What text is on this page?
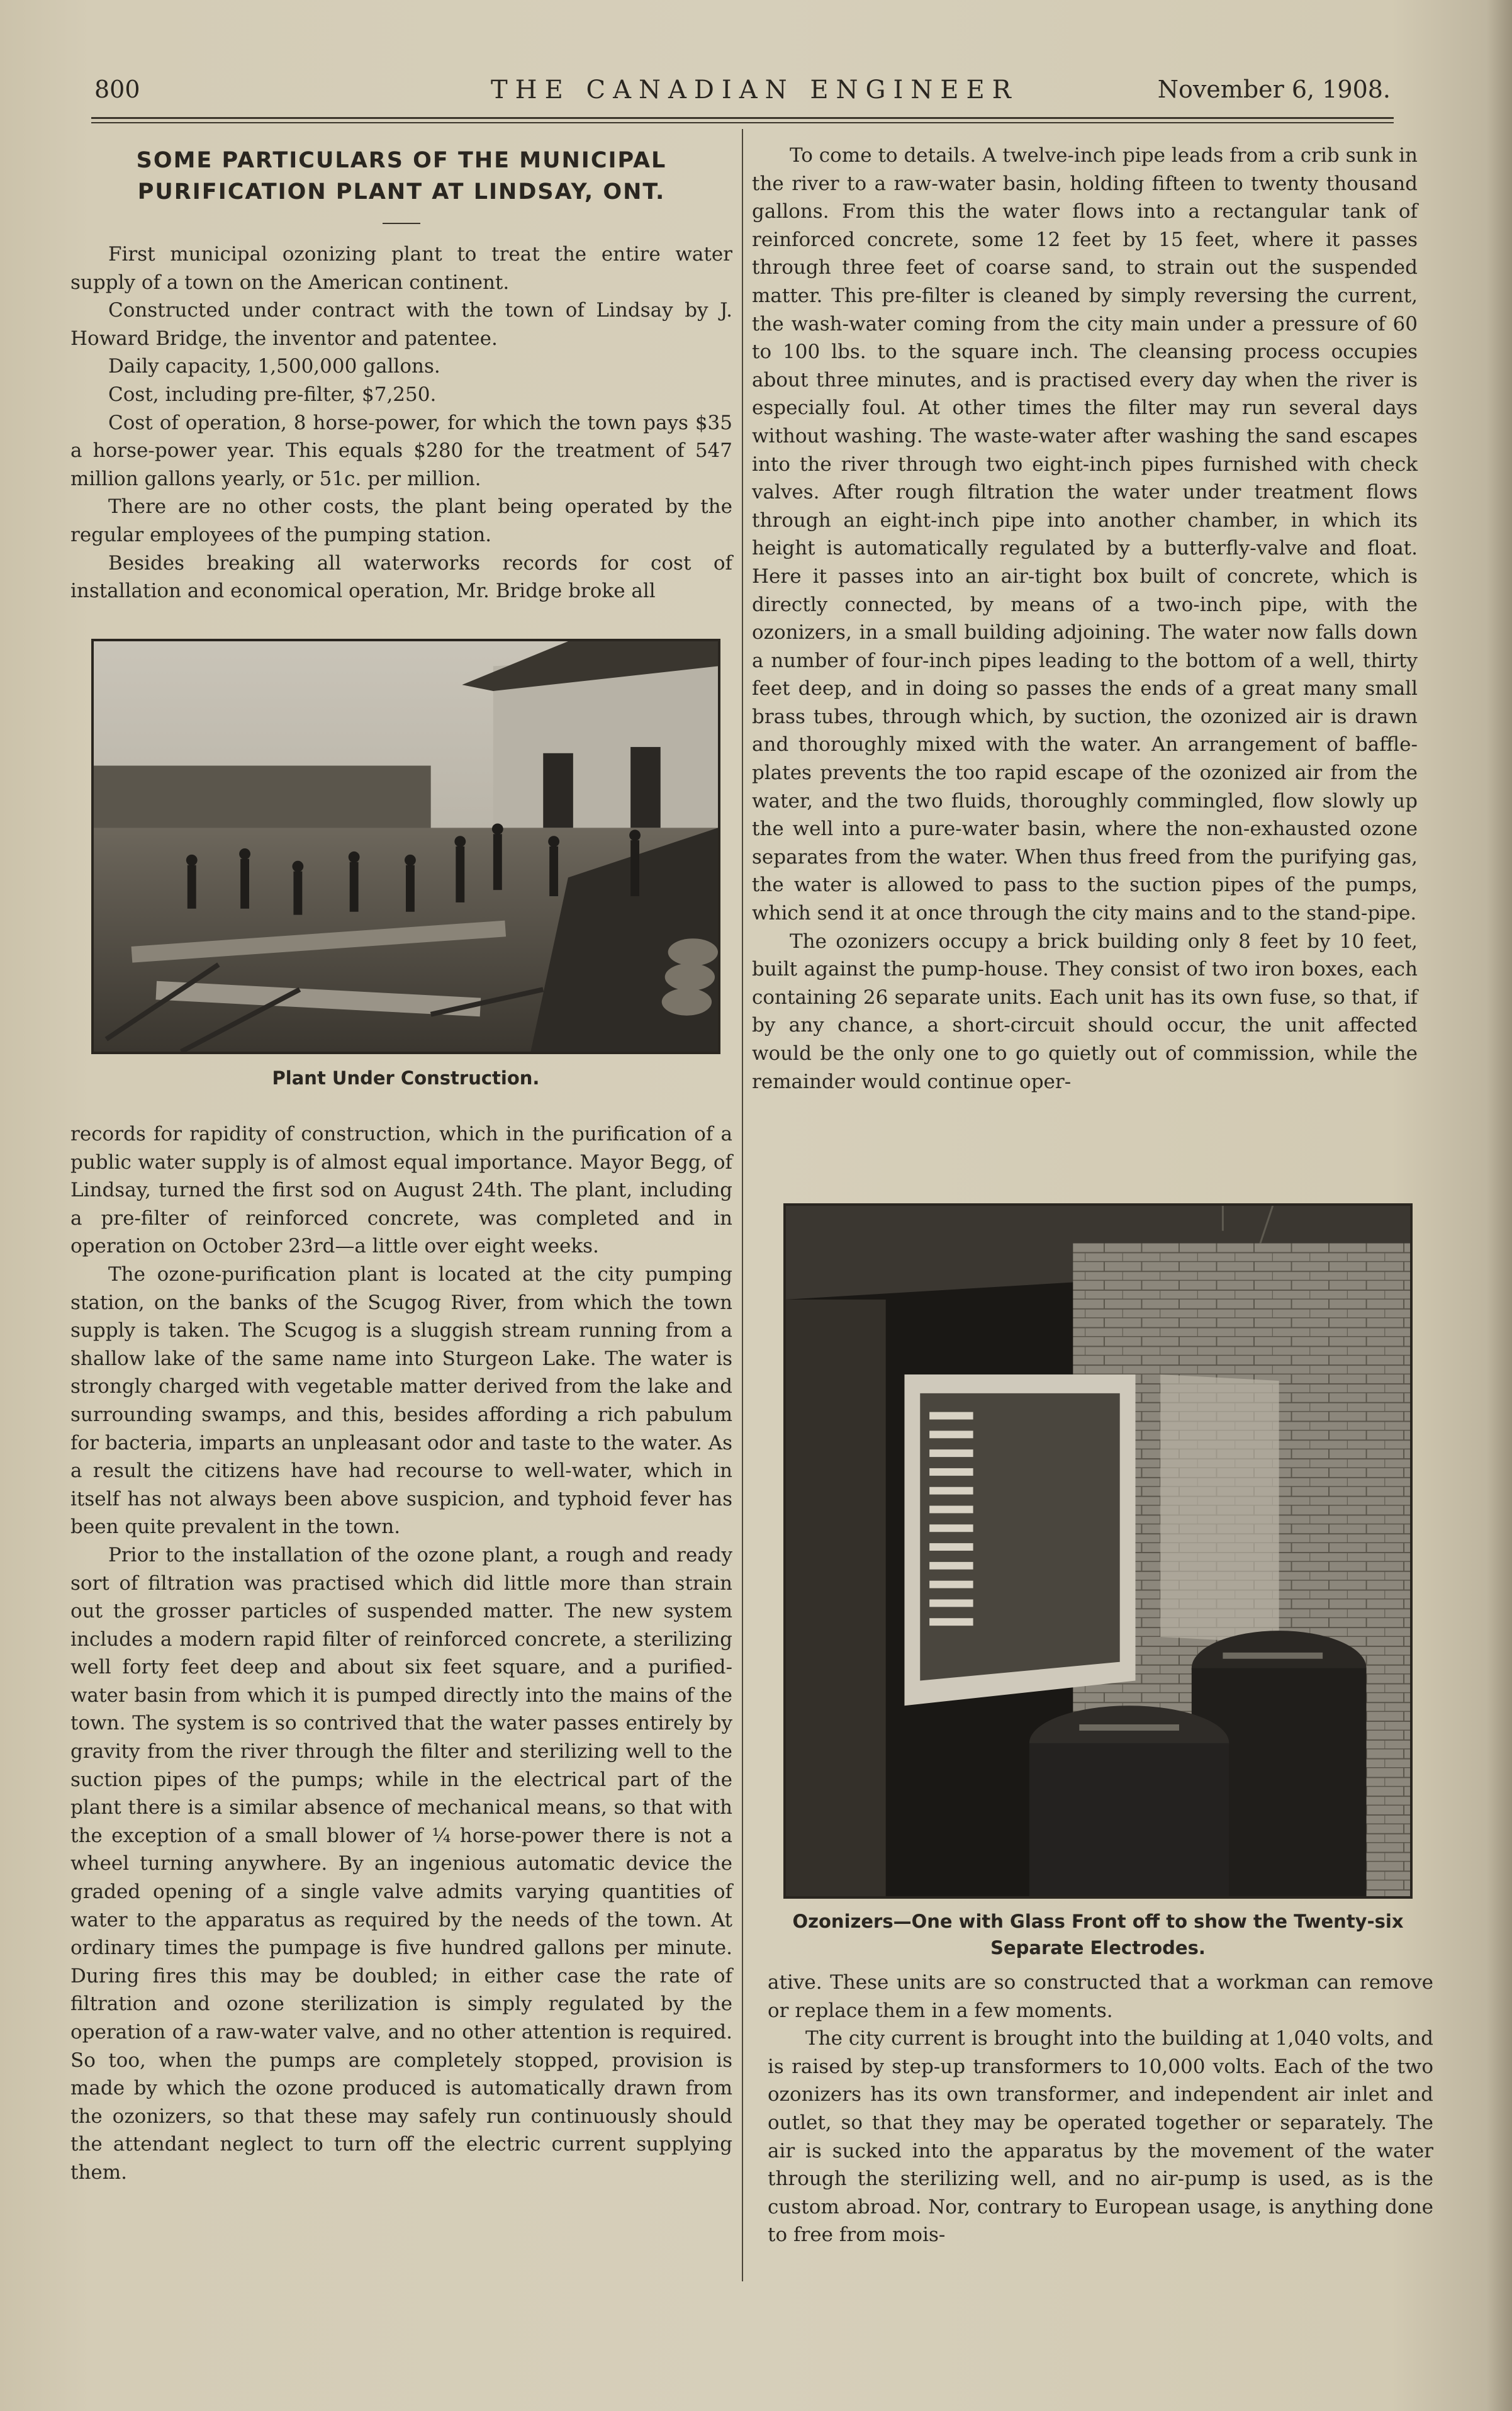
800	THE CANADIAN ENGINEER	November 6, 1908.
SOME PARTICULARS OF THE MUNICIPAL
PURIFICATION PLANT AT LINDSAY, ONT.

First municipal ozonizing plant to treat the entire water supply of a town on the American continent.

Constructed under contract with the town of Lindsay by J. Howard Bridge, the inventor and patentee.

Daily capacity, 1,500,000 gallons.

Cost, including pre-filter, $7,250.

Cost of operation, 8 horse-power, for which the town pays $35 a horse-power year. This equals $280 for the treatment of 547 million gallons yearly, or 51c. per million.

There are no other costs, the plant being operated by the regular employees of the pumping station.

Besides breaking all waterworks records for cost of installation and economical operation, Mr. Bridge broke all

Plant Under Construction.

records for rapidity of construction, which in the purification of a public water supply is of almost equal importance. Mayor Begg, of Lindsay, turned the first sod on August 24th. The plant, including a pre-filter of reinforced concrete, was completed and in operation on October 23rd—a little over eight weeks.

The ozone-purification plant is located at the city pumping station, on the banks of the Scugog River, from which the town supply is taken. The Scugog is a sluggish stream running from a shallow lake of the same name into Sturgeon Lake. The water is strongly charged with vegetable matter derived from the lake and surrounding swamps, and this, besides affording a rich pabulum for bacteria, imparts an unpleasant odor and taste to the water. As a result the citizens have had recourse to well-water, which in itself has not always been above suspicion, and typhoid fever has been quite prevalent in the town.

Prior to the installation of the ozone plant, a rough and ready sort of filtration was practised which did little more than strain out the grosser particles of suspended matter. The new system includes a modern rapid filter of reinforced concrete, a sterilizing well forty feet deep and about six feet square, and a purified-water basin from which it is pumped directly into the mains of the town. The system is so contrived that the water passes entirely by gravity from the river through the filter and sterilizing well to the suction pipes of the pumps; while in the electrical part of the plant there is a similar absence of mechanical means, so that with the exception of a small blower of ¼ horse-power there is not a wheel turning anywhere. By an ingenious automatic device the graded opening of a single valve admits varying quantities of water to the apparatus as required by the needs of the town. At ordinary times the pumpage is five hundred gallons per minute. During fires this may be doubled; in either case the rate of filtration and ozone sterilization is simply regulated by the operation of a raw-water valve, and no other attention is required. So too, when the pumps are completely stopped, provision is made by which the ozone produced is automatically drawn from the ozonizers, so that these may safely run continuously should the attendant neglect to turn off the electric current supplying them.

To come to details. A twelve-inch pipe leads from a crib sunk in the river to a raw-water basin, holding fifteen to twenty thousand gallons. From this the water flows into a rectangular tank of reinforced concrete, some 12 feet by 15 feet, where it passes through three feet of coarse sand, to strain out the suspended matter. This pre-filter is cleaned by simply reversing the current, the wash-water coming from the city main under a pressure of 60 to 100 lbs. to the square inch. The cleansing process occupies about three minutes, and is practised every day when the river is especially foul. At other times the filter may run several days without washing. The waste-water after washing the sand escapes into the river through two eight-inch pipes furnished with check valves. After rough filtration the water under treatment flows through an eight-inch pipe into another chamber, in which its height is automatically regulated by a butterfly-valve and float. Here it passes into an air-tight box built of concrete, which is directly connected, by means of a two-inch pipe, with the ozonizers, in a small building adjoining. The water now falls down a number of four-inch pipes leading to the bottom of a well, thirty feet deep, and in doing so passes the ends of a great many small brass tubes, through which, by suction, the ozonized air is drawn and thoroughly mixed with the water. An arrangement of baffle-plates prevents the too rapid escape of the ozonized air from the water, and the two fluids, thoroughly commingled, flow slowly up the well into a pure-water basin, where the non-exhausted ozone separates from the water. When thus freed from the purifying gas, the water is allowed to pass to the suction pipes of the pumps, which send it at once through the city mains and to the stand-pipe.

The ozonizers occupy a brick building only 8 feet by 10 feet, built against the pump-house. They consist of two iron boxes, each containing 26 separate units. Each unit has its own fuse, so that, if by any chance, a short-circuit should occur, the unit affected would be the only one to go quietly out of commission, while the remainder would continue oper-

Ozonizers—One with Glass Front off to show the Twenty-six
Separate Electrodes.

ative. These units are so constructed that a workman can remove or replace them in a few moments.

The city current is brought into the building at 1,040 volts, and is raised by step-up transformers to 10,000 volts. Each of the two ozonizers has its own transformer, and independent air inlet and outlet, so that they may be operated together or separately. The air is sucked into the apparatus by the movement of the water through the sterilizing well, and no air-pump is used, as is the custom abroad. Nor, contrary to European usage, is anything done to free from mois-
